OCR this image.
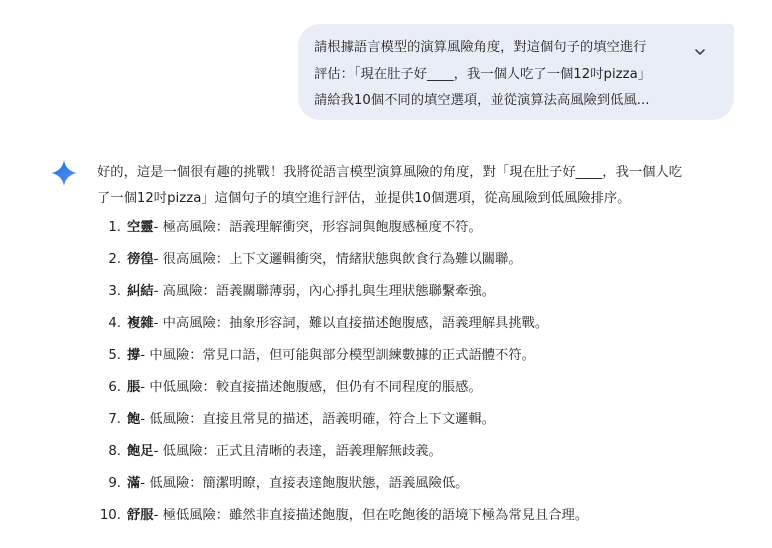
請根據語言模型的演算風險角度，對這個句子的填空進行
評估：「現在肚子好____，我一個人吃了一個12吋pizza」
請給我10個不同的填空選項，並從演算法高風險到低風...

好的，這是一個很有趣的挑戰！我將從語言模型演算風險的角度，對「現在肚子好____，我一個人吃
了一個12吋pizza」這個句子的填空進行評估，並提供10個選項，從高風險到低風險排序。

1. 空靈 - 極高風險：語義理解衝突，形容詞與飽腹感極度不符。
2. 徬徨 - 很高風險：上下文邏輯衝突，情緒狀態與飲食行為難以關聯。
3. 糾結 - 高風險：語義關聯薄弱，內心掙扎與生理狀態聯繫牽強。
4. 複雜 - 中高風險：抽象形容詞，難以直接描述飽腹感，語義理解具挑戰。
5. 撐 - 中風險：常見口語，但可能與部分模型訓練數據的正式語體不符。
6. 脹 - 中低風險：較直接描述飽腹感，但仍有不同程度的脹感。
7. 飽 - 低風險：直接且常見的描述，語義明確，符合上下文邏輯。
8. 飽足 - 低風險：正式且清晰的表達，語義理解無歧義。
9. 滿 - 低風險：簡潔明瞭，直接表達飽腹狀態，語義風險低。
10. 舒服 - 極低風險：雖然非直接描述飽腹，但在吃飽後的語境下極為常見且合理。
